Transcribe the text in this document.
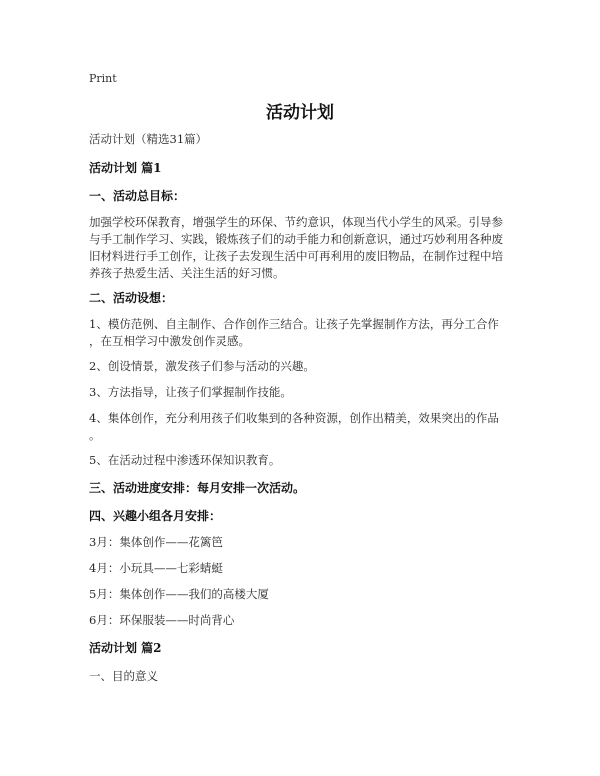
Print
活动计划
活动计划（精选31篇）
活动计划 篇1
一、活动总目标：
加强学校环保教育，增强学生的环保、节约意识，体现当代小学生的风采。引导参
与手工制作学习、实践，锻炼孩子们的动手能力和创新意识，通过巧妙利用各种废
旧材料进行手工创作，让孩子去发现生活中可再利用的废旧物品，在制作过程中培
养孩子热爱生活、关注生活的好习惯。
二、活动设想：
1、模仿范例、自主制作、合作创作三结合。让孩子先掌握制作方法，再分工合作
，在互相学习中激发创作灵感。
2、创设情景，激发孩子们参与活动的兴趣。
3、方法指导，让孩子们掌握制作技能。
4、集体创作，充分利用孩子们收集到的各种资源，创作出精美，效果突出的作品
。
5、在活动过程中渗透环保知识教育。
三、活动进度安排：每月安排一次活动。
四、兴趣小组各月安排：
3月：集体创作——花篱笆
4月：小玩具——七彩蜻蜓
5月：集体创作——我们的高楼大厦
6月：环保服装——时尚背心
活动计划 篇2
一、目的意义
